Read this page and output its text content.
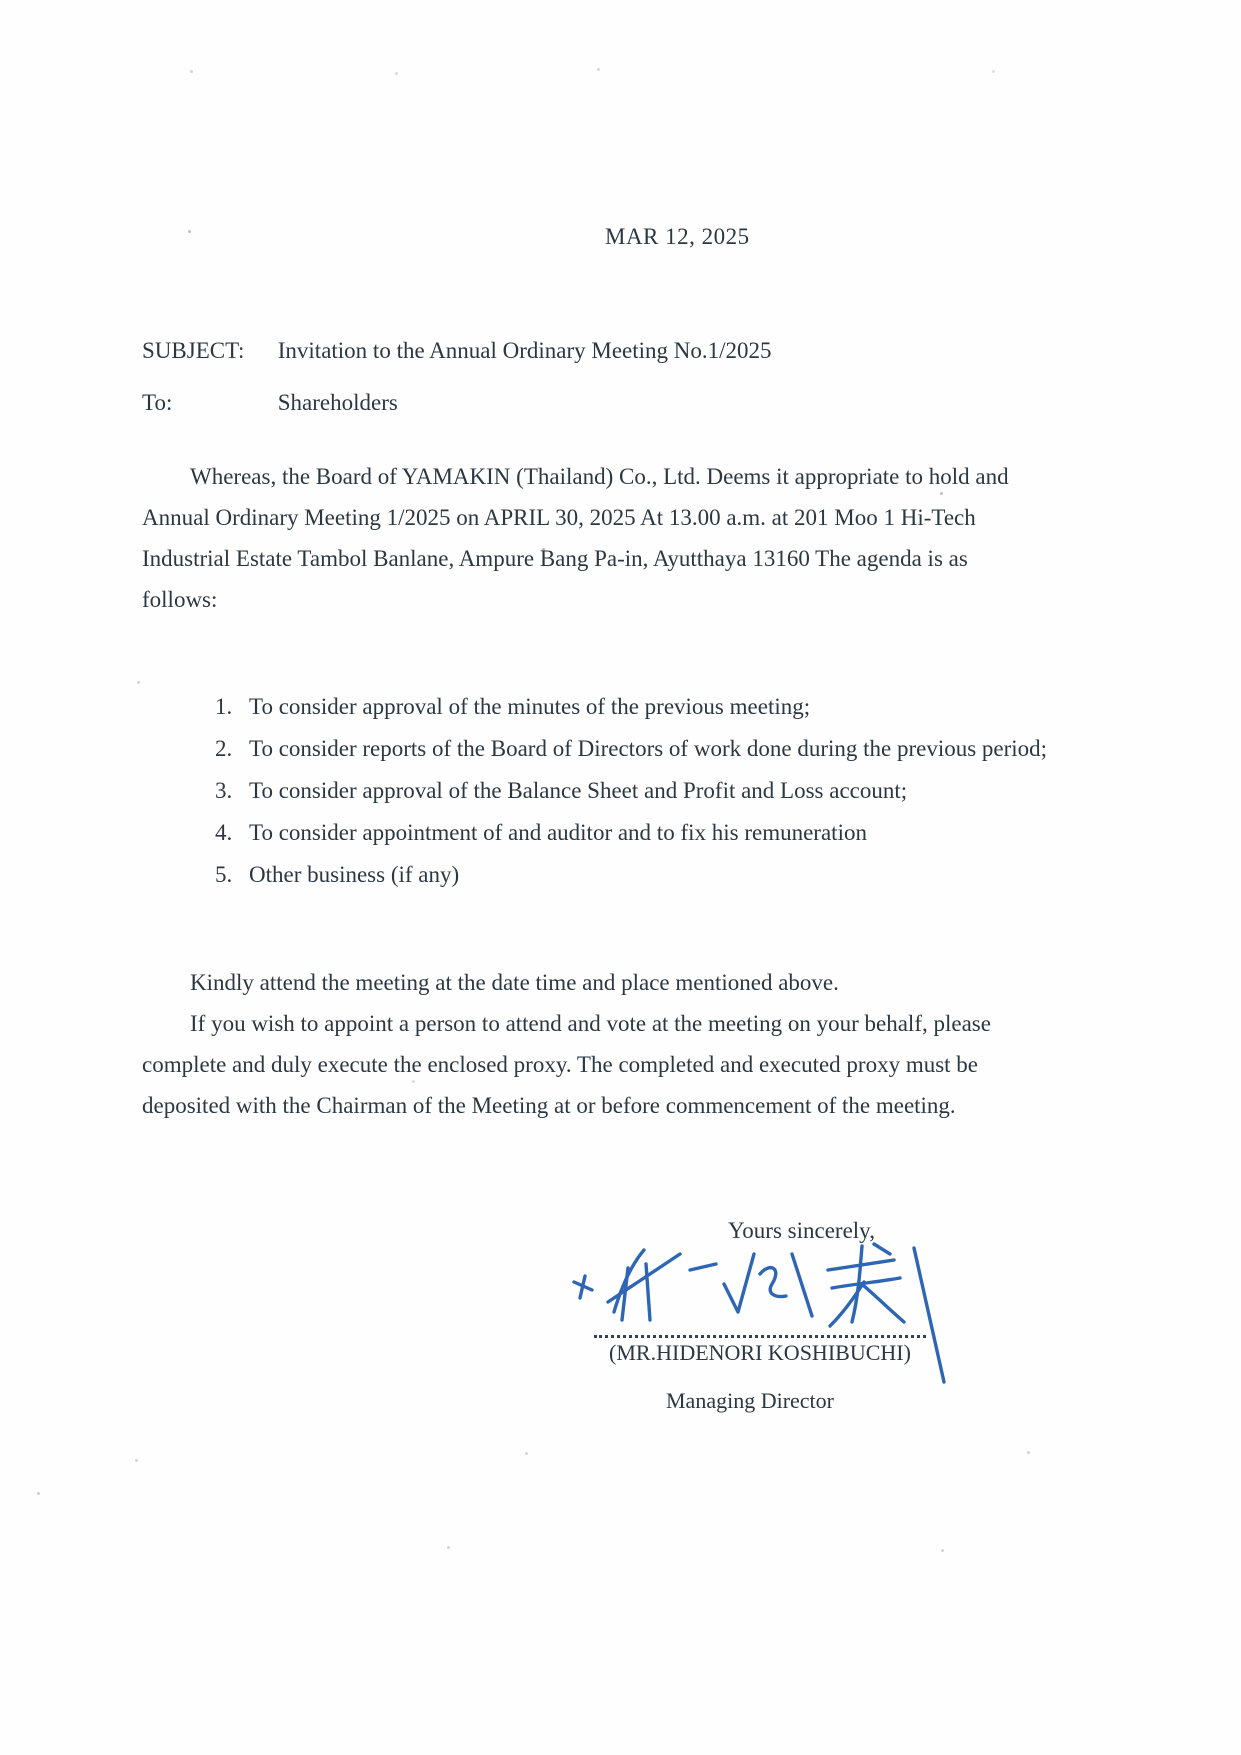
MAR 12, 2025
SUBJECT: Invitation to the Annual Ordinary Meeting No.1/2025
To:	Shareholders
Whereas, the Board of YAMAKIN (Thailand) Co., Ltd. Deems it appropriate to hold and
Annual Ordinary Meeting 1/2025 on APRIL 30, 2025 At 13.00 a.m. at 201 Moo 1 Hi-Tech
Industrial Estate Tambol Banlane, Ampure Bang Pa-in, Ayutthaya 13160 The agenda is as
follows:
1. To consider approval of the minutes of the previous meeting;
2. To consider reports of the Board of Directors of work done during the previous period;
3. To consider approval of the Balance Sheet and Profit and Loss account;
4. To consider appointment of and auditor and to fix his remuneration
5. Other business (if any)
Kindly attend the meeting at the date time and place mentioned above.
If you wish to appoint a person to attend and vote at the meeting on your behalf, please
complete and duly execute the enclosed proxy. The completed and executed proxy must be
deposited with the Chairman of the Meeting at or before commencement of the meeting.
Yours sincerely,
(MR.HIDENORI KOSHIBUCHI)
Managing Director
